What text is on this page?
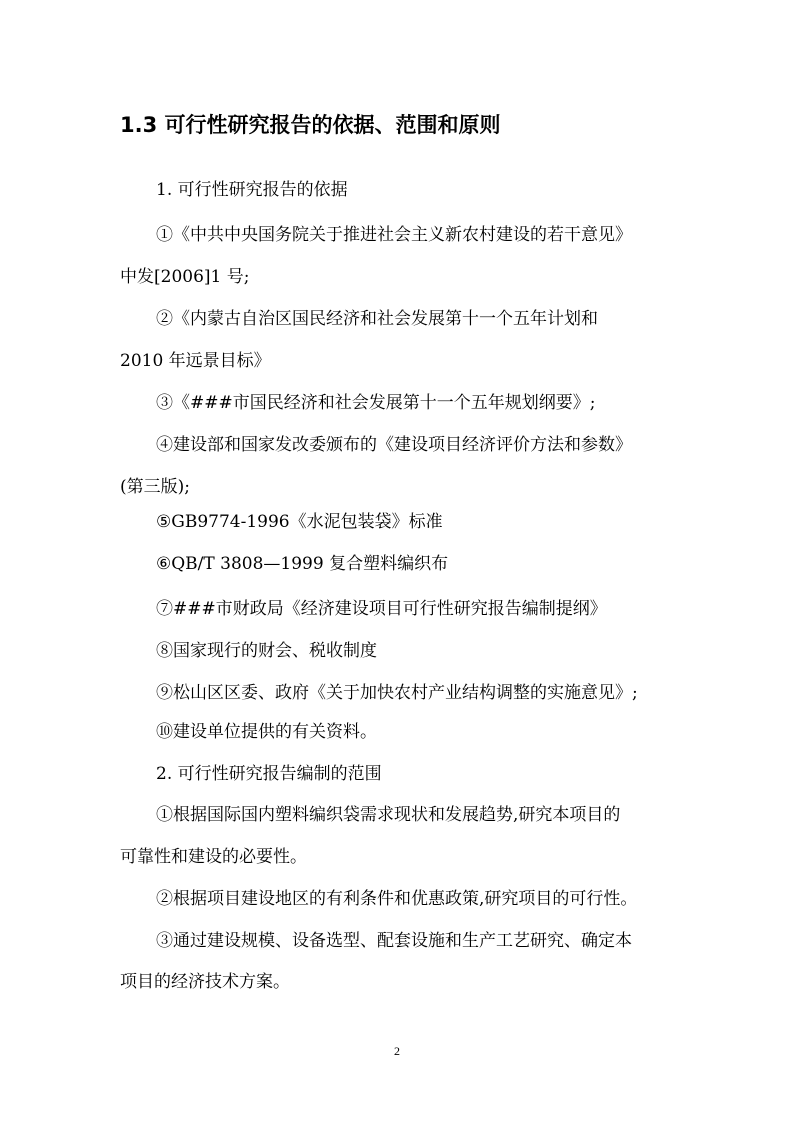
1.3 可行性研究报告的依据、范围和原则
1. 可行性研究报告的依据
①《中共中央国务院关于推进社会主义新农村建设的若干意见》
中发[2006]1 号;
②《内蒙古自治区国民经济和社会发展第十一个五年计划和
2010 年远景目标》
③《###市国民经济和社会发展第十一个五年规划纲要》;
④建设部和国家发改委颁布的《建设项目经济评价方法和参数》
(第三版);
⑤GB9774-1996《水泥包装袋》标准
⑥QB/T 3808—1999 复合塑料编织布
⑦###市财政局《经济建设项目可行性研究报告编制提纲》
⑧国家现行的财会、税收制度
⑨松山区区委、政府《关于加快农村产业结构调整的实施意见》;
⑩建设单位提供的有关资料。
2. 可行性研究报告编制的范围
①根据国际国内塑料编织袋需求现状和发展趋势,研究本项目的
可靠性和建设的必要性。
②根据项目建设地区的有利条件和优惠政策,研究项目的可行性。
③通过建设规模、设备选型、配套设施和生产工艺研究、确定本
项目的经济技术方案。
2
